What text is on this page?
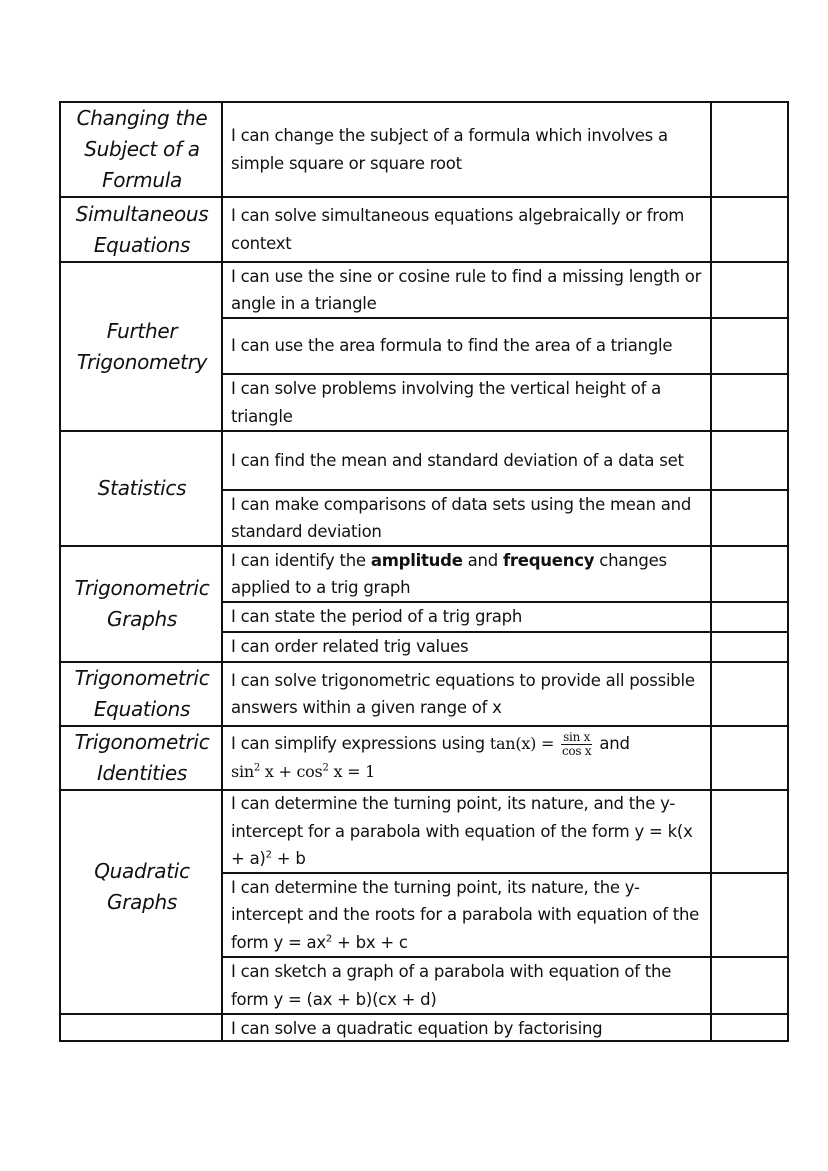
Changing the
Subject of a
Formula
I can change the subject of a formula which involves a simple square or square root
Simultaneous
Equations
I can solve simultaneous equations algebraically or from context
Further
Trigonometry
I can use the sine or cosine rule to find a missing length or angle in a triangle
I can use the area formula to find the area of a triangle
I can solve problems involving the vertical height of a triangle
Statistics
I can find the mean and standard deviation of a data set
I can make comparisons of data sets using the mean and standard deviation
Trigonometric
Graphs
I can identify the amplitude and frequency changes applied to a trig graph
I can state the period of a trig graph
I can order related trig values
Trigonometric
Equations
I can solve trigonometric equations to provide all possible answers within a given range of x
Trigonometric
Identities
I can simplify expressions using $\tan(x) = \frac{\text{sin x}}{\text{cos x}}$ and
$\sin^2 x + \cos^2 x = 1$
Quadratic
Graphs
I can determine the turning point, its nature, and the y-intercept for a parabola with equation of the form $y = k(x + a)^2 + b$
I can determine the turning point, its nature, the y-intercept and the roots for a parabola with equation of the form $y = ax^2$ + bx + c
I can sketch a graph of a parabola with equation of the form y = (ax + b)(cx + d)
I can solve a quadratic equation by factorising
